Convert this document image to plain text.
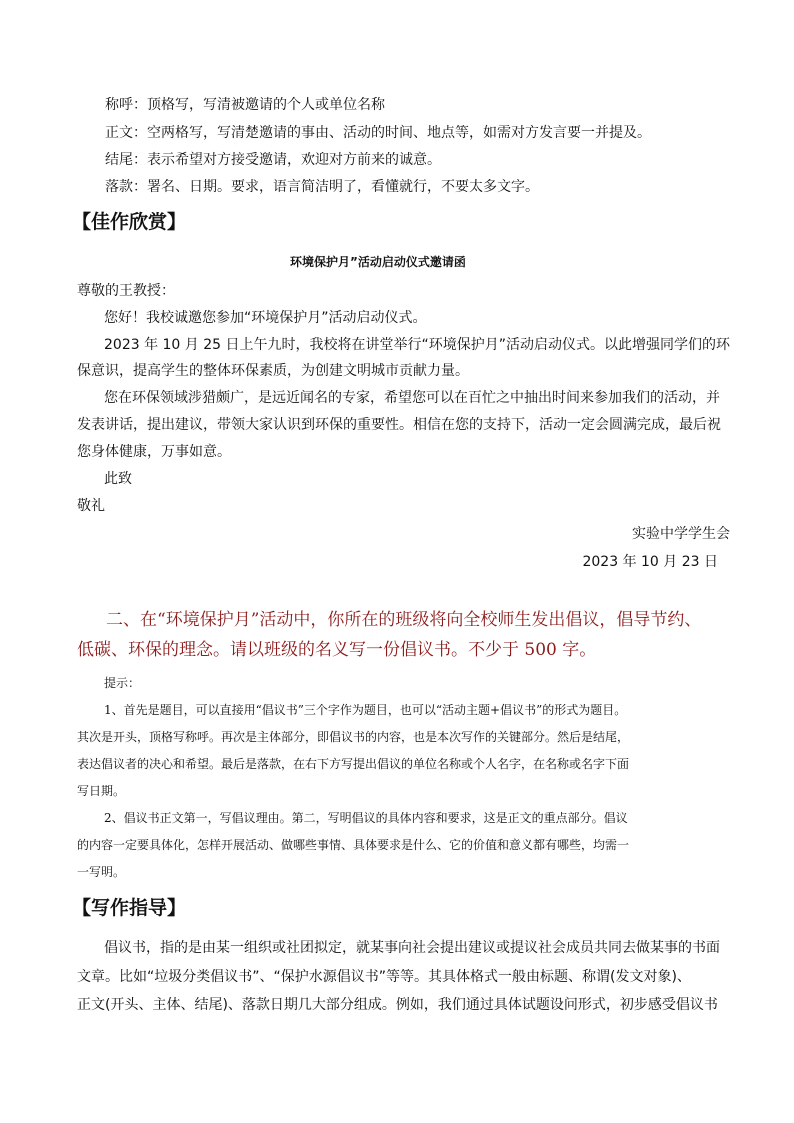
称呼：顶格写，写清被邀请的个人或单位名称
正文：空两格写，写清楚邀请的事由、活动的时间、地点等，如需对方发言要一并提及。
结尾：表示希望对方接受邀请，欢迎对方前来的诚意。
落款：署名、日期。要求，语言简洁明了，看懂就行，不要太多文字。
【佳作欣赏】
环境保护月”活动启动仪式邀请函
尊敬的王教授：
您好！我校诚邀您参加“环境保护月”活动启动仪式。
2023 年 10 月 25 日上午九时，我校将在讲堂举行“环境保护月”活动启动仪式。以此增强同学们的环
保意识，提高学生的整体环保素质，为创建文明城市贡献力量。
您在环保领域涉猎颇广，是远近闻名的专家，希望您可以在百忙之中抽出时间来参加我们的活动，并
发表讲话，提出建议，带领大家认识到环保的重要性。相信在您的支持下，活动一定会圆满完成，最后祝
您身体健康，万事如意。
此致
敬礼
实验中学学生会
2023 年 10 月 23 日
二、在“环境保护月”活动中，你所在的班级将向全校师生发出倡议，倡导节约、
低碳、环保的理念。请以班级的名义写一份倡议书。不少于 500 字。
提示：
1、首先是题目，可以直接用“倡议书”三个字作为题目，也可以“活动主题+倡议书”的形式为题目。
其次是开头，顶格写称呼。再次是主体部分，即倡议书的内容，也是本次写作的关键部分。然后是结尾，
表达倡议者的决心和希望。最后是落款，在右下方写提出倡议的单位名称或个人名字，在名称或名字下面
写日期。
2、倡议书正文第一，写倡议理由。第二，写明倡议的具体内容和要求，这是正文的重点部分。倡议
的内容一定要具体化，怎样开展活动、做哪些事情、具体要求是什么、它的价值和意义都有哪些，均需一
一写明。
【写作指导】
倡议书，指的是由某一组织或社团拟定，就某事向社会提出建议或提议社会成员共同去做某事的书面
文章。比如“垃圾分类倡议书”、“保护水源倡议书”等等。其具体格式一般由标题、称谓(发文对象)、
正文(开头、主体、结尾)、落款日期几大部分组成。例如，我们通过具体试题设问形式，初步感受倡议书
